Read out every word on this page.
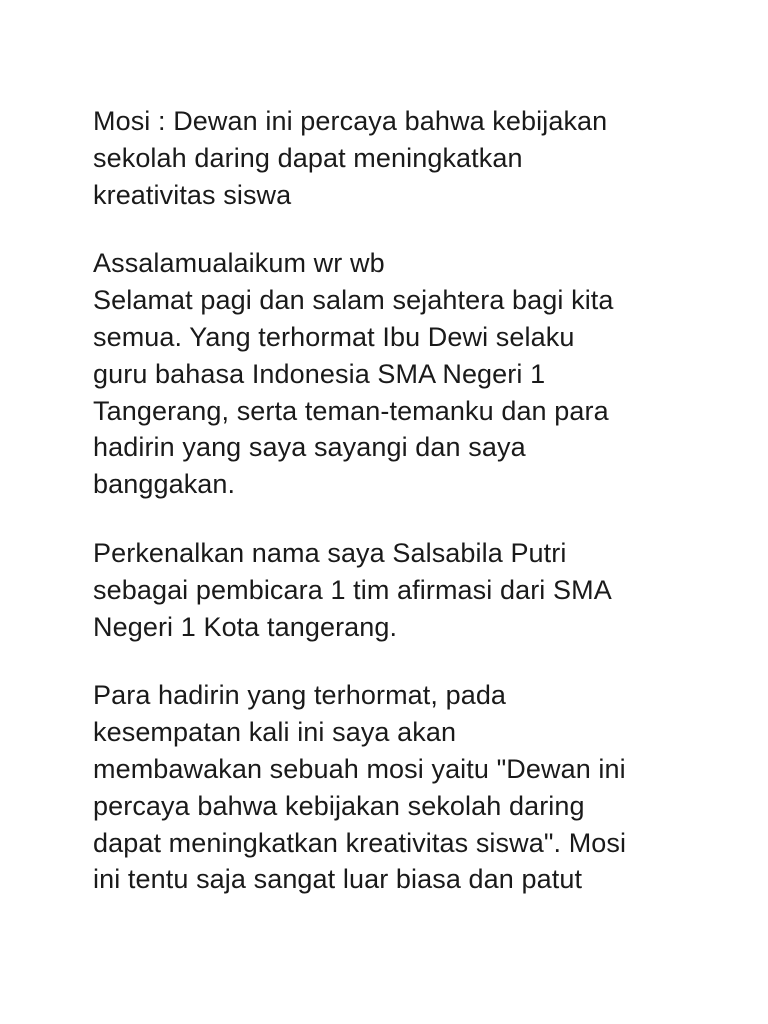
Mosi : Dewan ini percaya bahwa kebijakan
sekolah daring dapat meningkatkan
kreativitas siswa

Assalamualaikum wr wb
Selamat pagi dan salam sejahtera bagi kita
semua. Yang terhormat Ibu Dewi selaku
guru bahasa Indonesia SMA Negeri 1
Tangerang, serta teman-temanku dan para
hadirin yang saya sayangi dan saya
banggakan.

Perkenalkan nama saya Salsabila Putri
sebagai pembicara 1 tim afirmasi dari SMA
Negeri 1 Kota tangerang.

Para hadirin yang terhormat, pada
kesempatan kali ini saya akan
membawakan sebuah mosi yaitu "Dewan ini
percaya bahwa kebijakan sekolah daring
dapat meningkatkan kreativitas siswa". Mosi
ini tentu saja sangat luar biasa dan patut
